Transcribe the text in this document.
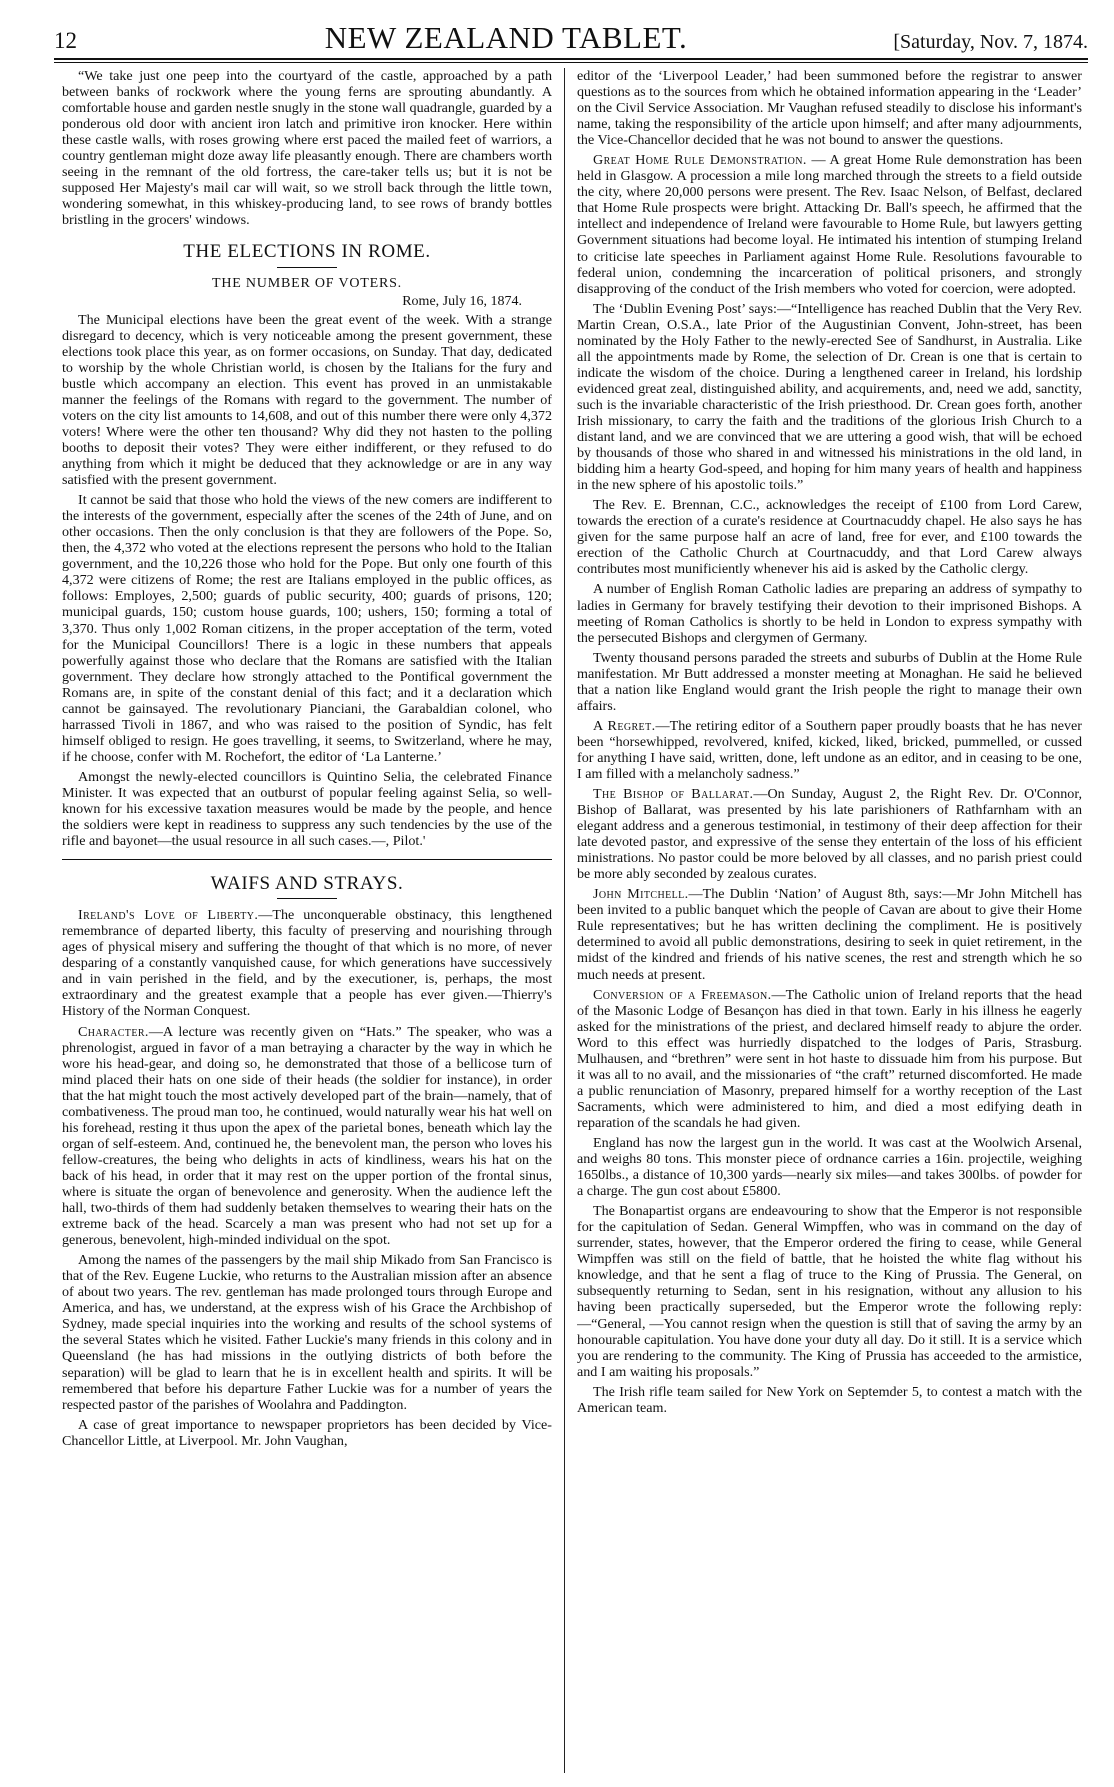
12	NEW ZEALAND TABLET.	[Saturday, Nov. 7, 1874.

“We take just one peep into the courtyard of the castle, approached by a path between banks of rockwork where the young ferns are sprouting abundantly. A comfortable house and garden nestle snugly in the stone wall quadrangle, guarded by a ponderous old door with ancient iron latch and primitive iron knocker. Here within these castle walls, with roses growing where erst paced the mailed feet of warriors, a country gentleman might doze away life pleasantly enough. There are chambers worth seeing in the remnant of the old fortress, the care-taker tells us; but it is not be supposed Her Majesty's mail car will wait, so we stroll back through the little town, wondering somewhat, in this whiskey-producing land, to see rows of brandy bottles bristling in the grocers' windows.

THE ELECTIONS IN ROME.
THE NUMBER OF VOTERS.
Rome, July 16, 1874.

The Municipal elections have been the great event of the week. With a strange disregard to decency, which is very noticeable among the present government, these elections took place this year, as on former occasions, on Sunday. That day, dedicated to worship by the whole Christian world, is chosen by the Italians for the fury and bustle which accompany an election. This event has proved in an unmistakable manner the feelings of the Romans with regard to the government. The number of voters on the city list amounts to 14,608, and out of this number there were only 4,372 voters! Where were the other ten thousand? Why did they not hasten to the polling booths to deposit their votes? They were either indifferent, or they refused to do anything from which it might be deduced that they acknowledge or are in any way satisfied with the present government.

It cannot be said that those who hold the views of the new comers are indifferent to the interests of the government, especially after the scenes of the 24th of June, and on other occasions. Then the only conclusion is that they are followers of the Pope. So, then, the 4,372 who voted at the elections represent the persons who hold to the Italian government, and the 10,226 those who hold for the Pope. But only one fourth of this 4,372 were citizens of Rome; the rest are Italians employed in the public offices, as follows: Employes, 2,500; guards of public security, 400; guards of prisons, 120; municipal guards, 150; custom house guards, 100; ushers, 150; forming a total of 3,370. Thus only 1,002 Roman citizens, in the proper acceptation of the term, voted for the Municipal Councillors! There is a logic in these numbers that appeals powerfully against those who declare that the Romans are satisfied with the Italian government. They declare how strongly attached to the Pontifical government the Romans are, in spite of the constant denial of this fact; and it a declaration which cannot be gainsayed. The revolutionary Pianciani, the Garabaldian colonel, who harrassed Tivoli in 1867, and who was raised to the position of Syndic, has felt himself obliged to resign. He goes travelling, it seems, to Switzerland, where he may, if he choose, confer with M. Rochefort, the editor of ‘La Lanterne.’

Amongst the newly-elected councillors is Quintino Selia, the celebrated Finance Minister. It was expected that an outburst of popular feeling against Selia, so well-known for his excessive taxation measures would be made by the people, and hence the soldiers were kept in readiness to suppress any such tendencies by the use of the rifle and bayonet—the usual resource in all such cases.—, Pilot.'

WAIFS AND STRAYS.

Ireland's Love of Liberty.—The unconquerable obstinacy, this lengthened remembrance of departed liberty, this faculty of preserving and nourishing through ages of physical misery and suffering the thought of that which is no more, of never desparing of a constantly vanquished cause, for which generations have successively and in vain perished in the field, and by the executioner, is, perhaps, the most extraordinary and the greatest example that a people has ever given.—Thierry's History of the Norman Conquest.

Character.—A lecture was recently given on “Hats.” The speaker, who was a phrenologist, argued in favor of a man betraying a character by the way in which he wore his head-gear, and doing so, he demonstrated that those of a bellicose turn of mind placed their hats on one side of their heads (the soldier for instance), in order that the hat might touch the most actively developed part of the brain—namely, that of combativeness. The proud man too, he continued, would naturally wear his hat well on his forehead, resting it thus upon the apex of the parietal bones, beneath which lay the organ of self-esteem. And, continued he, the benevolent man, the person who loves his fellow-creatures, the being who delights in acts of kindliness, wears his hat on the back of his head, in order that it may rest on the upper portion of the frontal sinus, where is situate the organ of benevolence and generosity. When the audience left the hall, two-thirds of them had suddenly betaken themselves to wearing their hats on the extreme back of the head. Scarcely a man was present who had not set up for a generous, benevolent, high-minded individual on the spot.

Among the names of the passengers by the mail ship Mikado from San Francisco is that of the Rev. Eugene Luckie, who returns to the Australian mission after an absence of about two years. The rev. gentleman has made prolonged tours through Europe and America, and has, we understand, at the express wish of his Grace the Archbishop of Sydney, made special inquiries into the working and results of the school systems of the several States which he visited. Father Luckie's many friends in this colony and in Queensland (he has had missions in the outlying districts of both before the separation) will be glad to learn that he is in excellent health and spirits. It will be remembered that before his departure Father Luckie was for a number of years the respected pastor of the parishes of Woolahra and Paddington.

A case of great importance to newspaper proprietors has been decided by Vice-Chancellor Little, at Liverpool. Mr. John Vaughan,

editor of the ‘Liverpool Leader,’ had been summoned before the registrar to answer questions as to the sources from which he obtained information appearing in the ‘Leader’ on the Civil Service Association. Mr Vaughan refused steadily to disclose his informant's name, taking the responsibility of the article upon himself; and after many adjournments, the Vice-Chancellor decided that he was not bound to answer the questions.

Great Home Rule Demonstration. — A great Home Rule demonstration has been held in Glasgow. A procession a mile long marched through the streets to a field outside the city, where 20,000 persons were present. The Rev. Isaac Nelson, of Belfast, declared that Home Rule prospects were bright. Attacking Dr. Ball's speech, he affirmed that the intellect and independence of Ireland were favourable to Home Rule, but lawyers getting Government situations had become loyal. He intimated his intention of stumping Ireland to criticise late speeches in Parliament against Home Rule. Resolutions favourable to federal union, condemning the incarceration of political prisoners, and strongly disapproving of the conduct of the Irish members who voted for coercion, were adopted.

The ‘Dublin Evening Post’ says:—“Intelligence has reached Dublin that the Very Rev. Martin Crean, O.S.A., late Prior of the Augustinian Convent, John-street, has been nominated by the Holy Father to the newly-erected See of Sandhurst, in Australia. Like all the appointments made by Rome, the selection of Dr. Crean is one that is certain to indicate the wisdom of the choice. During a lengthened career in Ireland, his lordship evidenced great zeal, distinguished ability, and acquirements, and, need we add, sanctity, such is the invariable characteristic of the Irish priesthood. Dr. Crean goes forth, another Irish missionary, to carry the faith and the traditions of the glorious Irish Church to a distant land, and we are convinced that we are uttering a good wish, that will be echoed by thousands of those who shared in and witnessed his ministrations in the old land, in bidding him a hearty God-speed, and hoping for him many years of health and happiness in the new sphere of his apostolic toils.”

The Rev. E. Brennan, C.C., acknowledges the receipt of £100 from Lord Carew, towards the erection of a curate's residence at Courtnacuddy chapel. He also says he has given for the same purpose half an acre of land, free for ever, and £100 towards the erection of the Catholic Church at Courtnacuddy, and that Lord Carew always contributes most munificiently whenever his aid is asked by the Catholic clergy.

A number of English Roman Catholic ladies are preparing an address of sympathy to ladies in Germany for bravely testifying their devotion to their imprisoned Bishops. A meeting of Roman Catholics is shortly to be held in London to express sympathy with the persecuted Bishops and clergymen of Germany.

Twenty thousand persons paraded the streets and suburbs of Dublin at the Home Rule manifestation. Mr Butt addressed a monster meeting at Monaghan. He said he believed that a nation like England would grant the Irish people the right to manage their own affairs.

A Regret.—The retiring editor of a Southern paper proudly boasts that he has never been “horsewhipped, revolvered, knifed, kicked, liked, bricked, pummelled, or cussed for anything I have said, written, done, left undone as an editor, and in ceasing to be one, I am filled with a melancholy sadness.”

The Bishop of Ballarat.—On Sunday, August 2, the Right Rev. Dr. O'Connor, Bishop of Ballarat, was presented by his late parishioners of Rathfarnham with an elegant address and a generous testimonial, in testimony of their deep affection for their late devoted pastor, and expressive of the sense they entertain of the loss of his efficient ministrations. No pastor could be more beloved by all classes, and no parish priest could be more ably seconded by zealous curates.

John Mitchell.—The Dublin ‘Nation’ of August 8th, says:—Mr John Mitchell has been invited to a public banquet which the people of Cavan are about to give their Home Rule representatives; but he has written declining the compliment. He is positively determined to avoid all public demonstrations, desiring to seek in quiet retirement, in the midst of the kindred and friends of his native scenes, the rest and strength which he so much needs at present.

Conversion of a Freemason.—The Catholic union of Ireland reports that the head of the Masonic Lodge of Besançon has died in that town. Early in his illness he eagerly asked for the ministrations of the priest, and declared himself ready to abjure the order. Word to this effect was hurriedly dispatched to the lodges of Paris, Strasburg. Mulhausen, and “brethren” were sent in hot haste to dissuade him from his purpose. But it was all to no avail, and the missionaries of “the craft” returned discomforted. He made a public renunciation of Masonry, prepared himself for a worthy reception of the Last Sacraments, which were administered to him, and died a most edifying death in reparation of the scandals he had given.

England has now the largest gun in the world. It was cast at the Woolwich Arsenal, and weighs 80 tons. This monster piece of ordnance carries a 16in. projectile, weighing 1650lbs., a distance of 10,300 yards—nearly six miles—and takes 300lbs. of powder for a charge. The gun cost about £5800.

The Bonapartist organs are endeavouring to show that the Emperor is not responsible for the capitulation of Sedan. General Wimpffen, who was in command on the day of surrender, states, however, that the Emperor ordered the firing to cease, while General Wimpffen was still on the field of battle, that he hoisted the white flag without his knowledge, and that he sent a flag of truce to the King of Prussia. The General, on subsequently returning to Sedan, sent in his resignation, without any allusion to his having been practically superseded, but the Emperor wrote the following reply:—“General, —You cannot resign when the question is still that of saving the army by an honourable capitulation. You have done your duty all day. Do it still. It is a service which you are rendering to the community. The King of Prussia has acceeded to the armistice, and I am waiting his proposals.”

The Irish rifle team sailed for New York on Septemder 5, to contest a match with the American team.
